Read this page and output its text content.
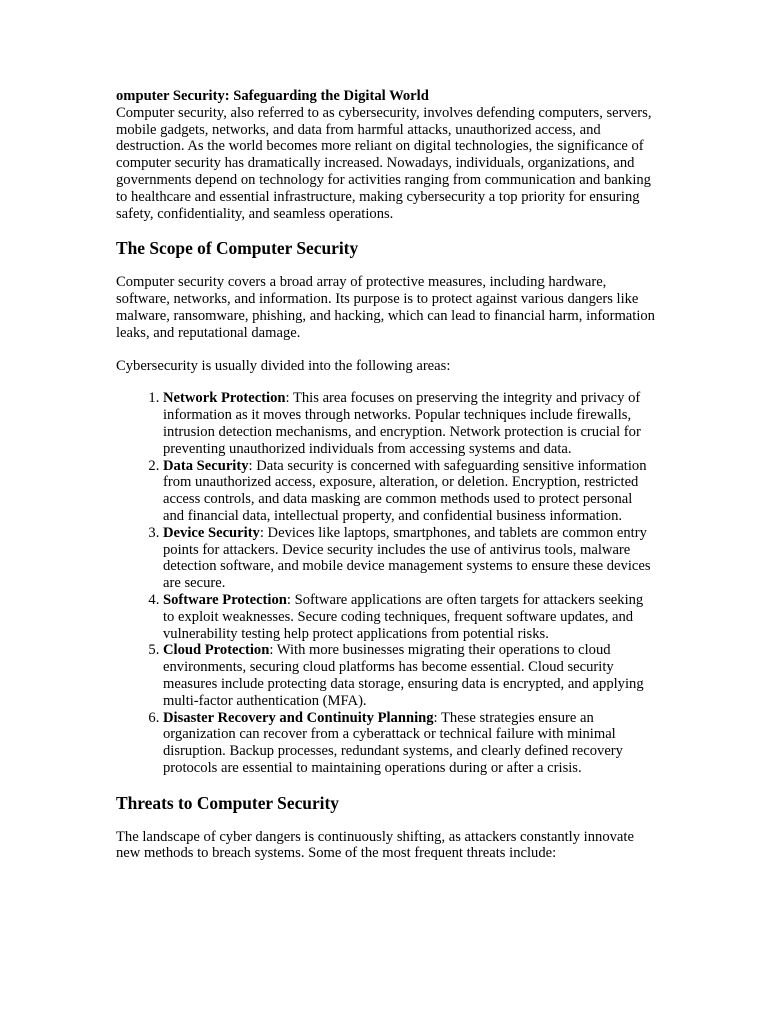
omputer Security: Safeguarding the Digital World

Computer security, also referred to as cybersecurity, involves defending computers, servers, mobile gadgets, networks, and data from harmful attacks, unauthorized access, and destruction. As the world becomes more reliant on digital technologies, the significance of computer security has dramatically increased. Nowadays, individuals, organizations, and governments depend on technology for activities ranging from communication and banking to healthcare and essential infrastructure, making cybersecurity a top priority for ensuring safety, confidentiality, and seamless operations.

The Scope of Computer Security

Computer security covers a broad array of protective measures, including hardware, software, networks, and information. Its purpose is to protect against various dangers like malware, ransomware, phishing, and hacking, which can lead to financial harm, information leaks, and reputational damage.

Cybersecurity is usually divided into the following areas:

1. Network Protection: This area focuses on preserving the integrity and privacy of information as it moves through networks. Popular techniques include firewalls, intrusion detection mechanisms, and encryption. Network protection is crucial for preventing unauthorized individuals from accessing systems and data.
2. Data Security: Data security is concerned with safeguarding sensitive information from unauthorized access, exposure, alteration, or deletion. Encryption, restricted access controls, and data masking are common methods used to protect personal and financial data, intellectual property, and confidential business information.
3. Device Security: Devices like laptops, smartphones, and tablets are common entry points for attackers. Device security includes the use of antivirus tools, malware detection software, and mobile device management systems to ensure these devices are secure.
4. Software Protection: Software applications are often targets for attackers seeking to exploit weaknesses. Secure coding techniques, frequent software updates, and vulnerability testing help protect applications from potential risks.
5. Cloud Protection: With more businesses migrating their operations to cloud environments, securing cloud platforms has become essential. Cloud security measures include protecting data storage, ensuring data is encrypted, and applying multi-factor authentication (MFA).
6. Disaster Recovery and Continuity Planning: These strategies ensure an organization can recover from a cyberattack or technical failure with minimal disruption. Backup processes, redundant systems, and clearly defined recovery protocols are essential to maintaining operations during or after a crisis.
Threats to Computer Security

The landscape of cyber dangers is continuously shifting, as attackers constantly innovate new methods to breach systems. Some of the most frequent threats include:
